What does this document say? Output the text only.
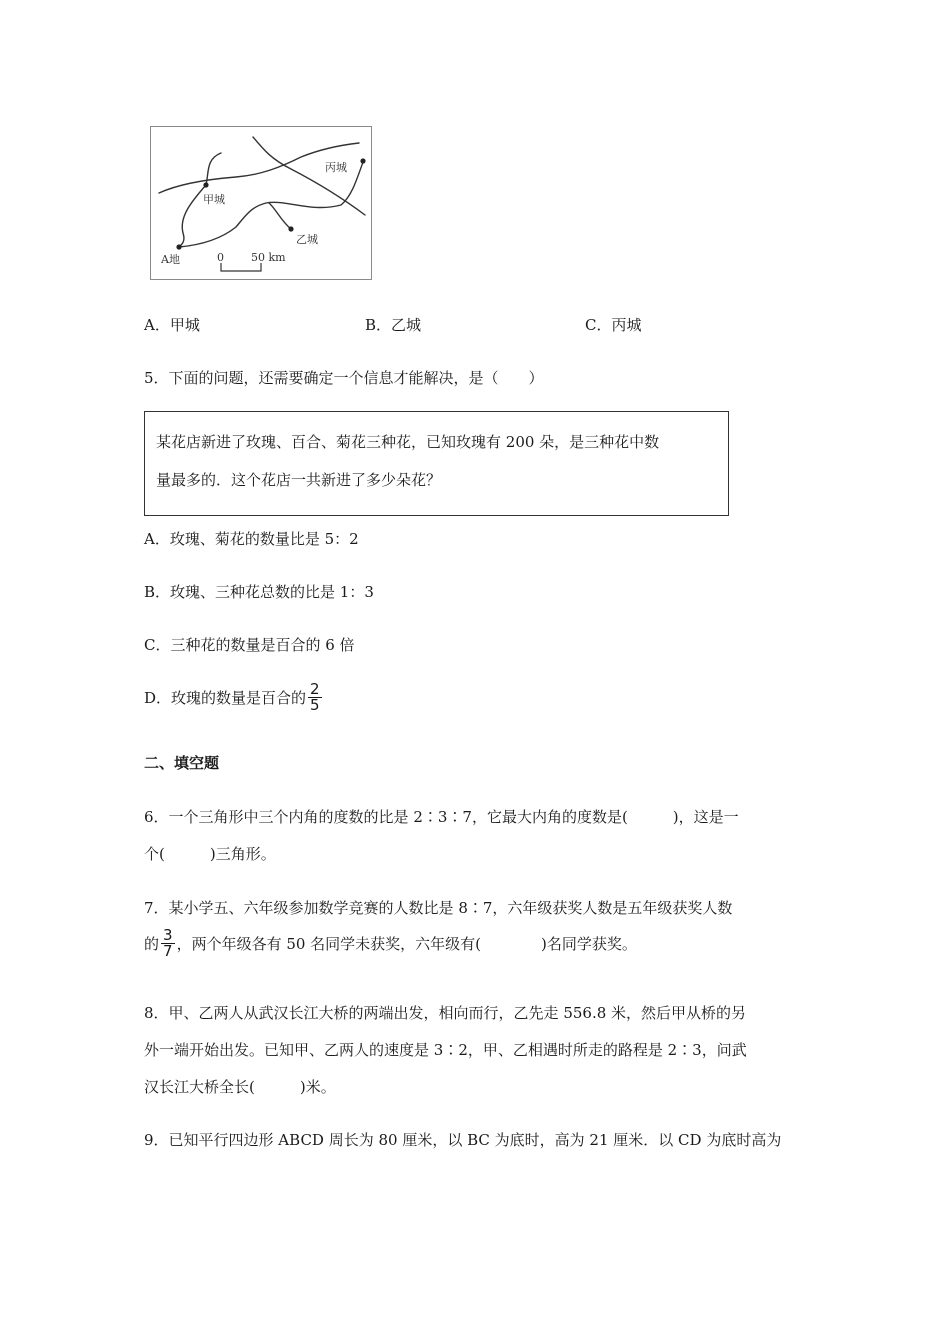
甲城
丙城
乙城
A地	0 50 km
A．甲城	B．乙城	C．丙城
5．下面的问题，还需要确定一个信息才能解决，是（　　）
某花店新进了玫瑰、百合、菊花三种花，已知玫瑰有 200 朵，是三种花中数
量最多的．这个花店一共新进了多少朵花？
A．玫瑰、菊花的数量比是 5：2
B．玫瑰、三种花总数的比是 1：3
C．三种花的数量是百合的 6 倍
D．玫瑰的数量是百合的 $\frac{2}{5}$
二、填空题
6．一个三角形中三个内角的度数的比是 2∶3∶7，它最大内角的度数是(　　　)，这是一
个(　　　)三角形。
7．某小学五、六年级参加数学竞赛的人数比是 8∶7，六年级获奖人数是五年级获奖人数
的 $\frac{3}{7}$ ，两个年级各有 50 名同学未获奖，六年级有(　　　　)名同学获奖。
8．甲、乙两人从武汉长江大桥的两端出发，相向而行，乙先走 556.8 米，然后甲从桥的另
外一端开始出发。已知甲、乙两人的速度是 3∶2，甲、乙相遇时所走的路程是 2∶3，问武
汉长江大桥全长(　　　)米。
9．已知平行四边形 ABCD 周长为 80 厘米，以 BC 为底时，高为 21 厘米．以 CD 为底时高为
